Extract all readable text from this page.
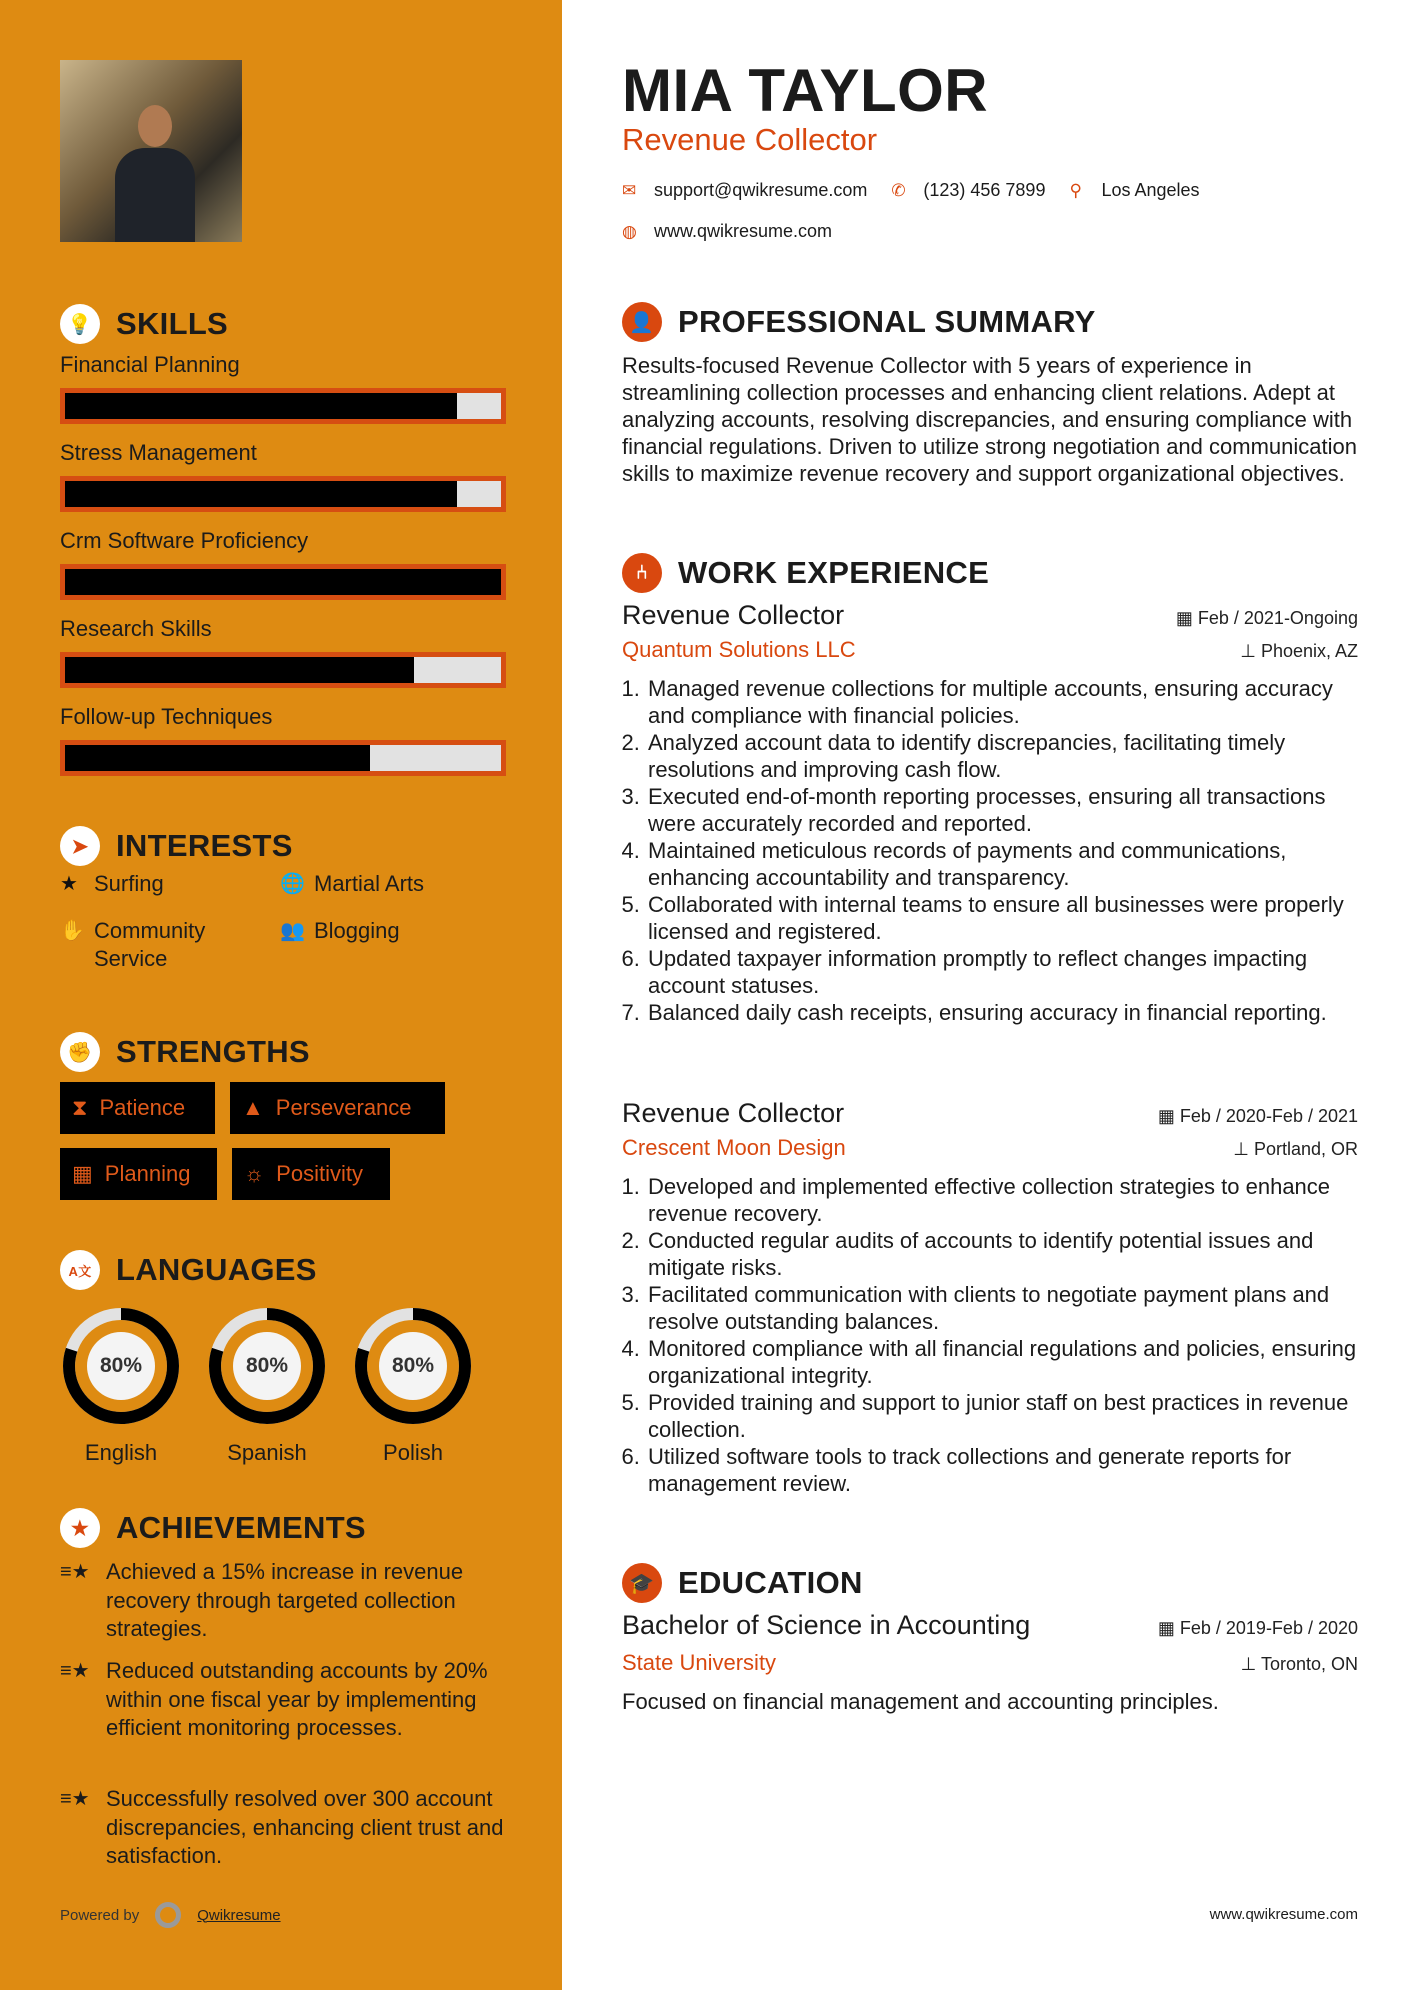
💡 SKILLS
Financial Planning
Stress Management
Crm Software Proficiency
Research Skills
Follow-up Techniques
➤ INTERESTS
★ Surfing	🌐 Martial Arts
✋ Community Service
👥 Blogging
✊ STRENGTHS
⧗ Patience	▲ Perseverance
▦ Planning ☼ Positivity
A文 LANGUAGES
80%
English
80%
Spanish
80%
Polish
★ ACHIEVEMENTS
≡★ Achieved a 15% increase in revenue recovery through targeted collection strategies.
≡★ Reduced outstanding accounts by 20% within one fiscal year by implementing efficient monitoring processes.
≡★ Successfully resolved over 300 account discrepancies, enhancing client trust and satisfaction.
Powered by	Qwikresume
MIA TAYLOR
Revenue Collector
✉ support@qwikresume.com ✆ (123) 456 7899 ⚲	Los Angeles
◍ www.qwikresume.com
👤 PROFESSIONAL SUMMARY
Results-focused Revenue Collector with 5 years of experience in streamlining collection processes and enhancing client relations. Adept at analyzing accounts, resolving discrepancies, and ensuring compliance with financial regulations. Driven to utilize strong negotiation and communication skills to maximize revenue recovery and support organizational objectives.
⑃ WORK EXPERIENCE
Revenue Collector	▦ Feb / 2021-Ongoing
Quantum Solutions LLC	⊥ Phoenix, AZ
1. Managed revenue collections for multiple accounts, ensuring accuracy and compliance with financial policies.
2. Analyzed account data to identify discrepancies, facilitating timely resolutions and improving cash flow.
3. Executed end-of-month reporting processes, ensuring all transactions were accurately recorded and reported.
4. Maintained meticulous records of payments and communications, enhancing accountability and transparency.
5. Collaborated with internal teams to ensure all businesses were properly licensed and registered.
6. Updated taxpayer information promptly to reflect changes impacting account statuses.
7. Balanced daily cash receipts, ensuring accuracy in financial reporting.
Revenue Collector	▦ Feb / 2020-Feb / 2021
Crescent Moon Design	⊥ Portland, OR
1. Developed and implemented effective collection strategies to enhance revenue recovery.
2. Conducted regular audits of accounts to identify potential issues and mitigate risks.
3. Facilitated communication with clients to negotiate payment plans and resolve outstanding balances.
4. Monitored compliance with all financial regulations and policies, ensuring organizational integrity.
5. Provided training and support to junior staff on best practices in revenue collection.
6. Utilized software tools to track collections and generate reports for management review.
🎓 EDUCATION
Bachelor of Science in Accounting	▦ Feb / 2019-Feb / 2020
State University	⊥ Toronto, ON
Focused on financial management and accounting principles.
www.qwikresume.com
